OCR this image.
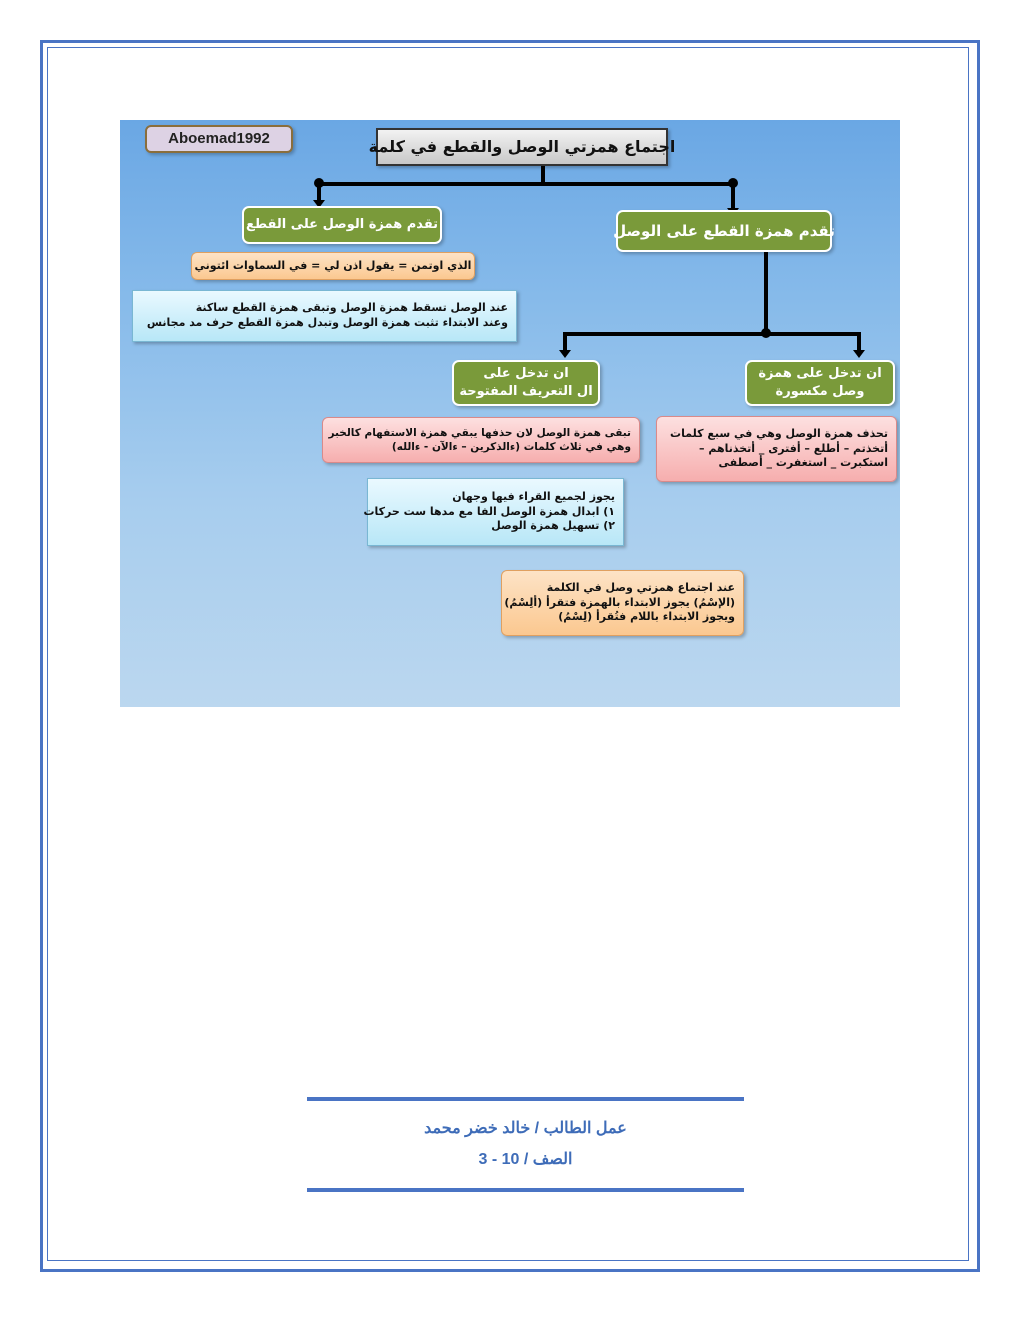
Aboemad1992	اجتماع همزتي الوصل والقطع في كلمة
تقدم همزة الوصل على القطع
الذي اوتمن = يقول اذن لي = في السماوات ائتوني
عند الوصل تسقط همزة الوصل وتبقى همزة القطع ساكنة
وعند الابتداء تثبت همزة الوصل وتبدل همزة القطع حرف مد مجانس
تقدم همزة القطع على الوصل
ان تدخل على همزة
وصل مكسورة
تحذف همزة الوصل وهي في سبع كلمات
أتخذتم – أطلع – أفترى _ أتخذناهم –
استكبرت _ استغفرت _ أصطفى
ان تدخل على
ال التعريف المفتوحة
تبقى همزة الوصل لان حذفها يبقي همزة الاستفهام كالخبر
وهي في ثلاث كلمات (ءالذكرين – ءالآن - ءالله)
يجوز لجميع القراء فيها وجهان
١) ابدال همزة الوصل الفا مع مدها ست حركات
٢) تسهيل همزة الوصل
عند اجتماع همزتي وصل في الكلمة
(الإسْمُ) يجوز الابتداء بالهمزة فتقرأ (ألِسْمُ)
ويجوز الابتداء باللام فتُقرأ (لِسْمُ)
عمل الطالب / خالد خضر محمد
الصف / 10 - 3
